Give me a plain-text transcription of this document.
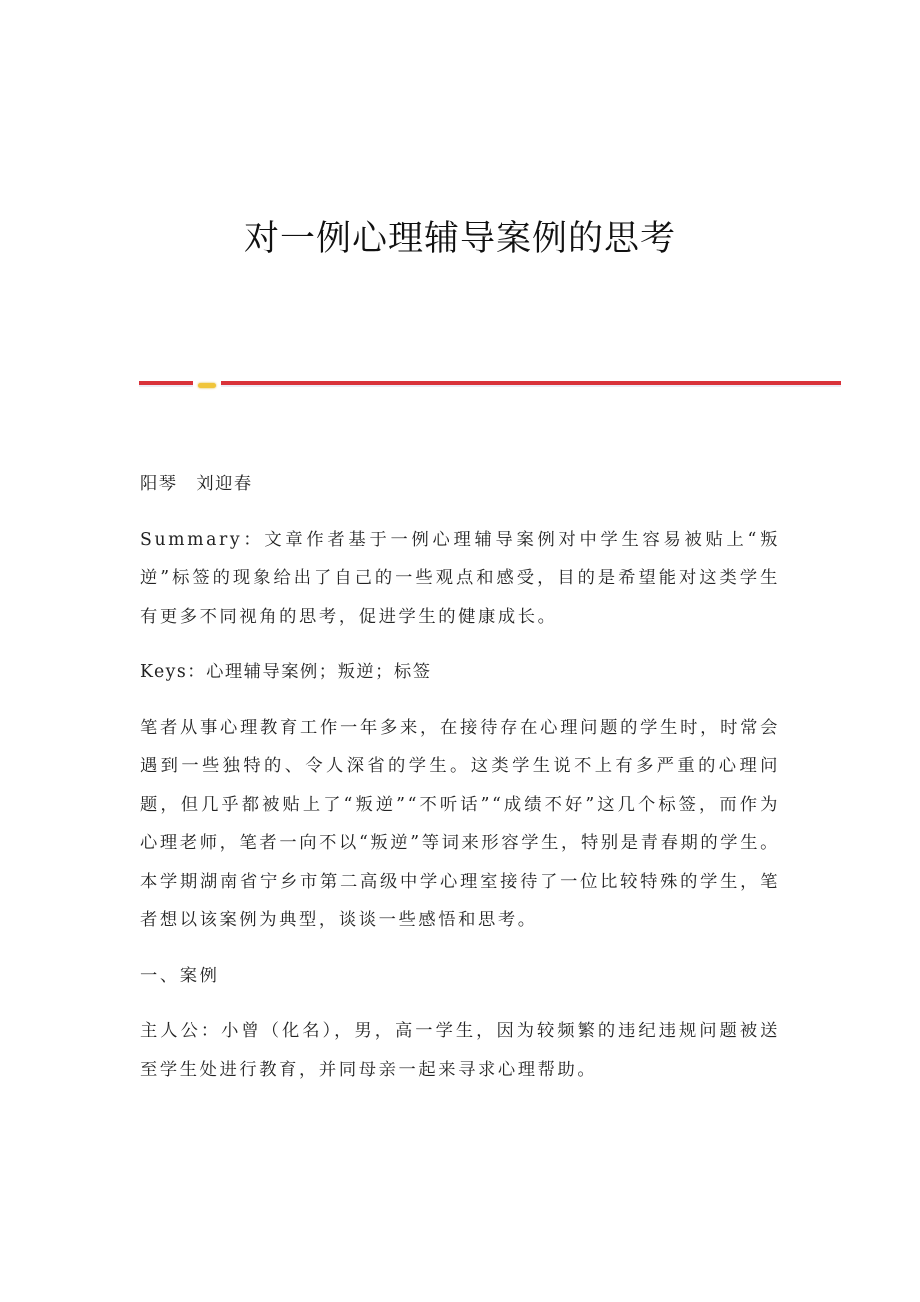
对一例心理辅导案例的思考

阳琴　刘迎春

Summary：文章作者基于一例心理辅导案例对中学生容易被贴上“叛逆”标签的现象给出了自己的一些观点和感受，目的是希望能对这类学生有更多不同视角的思考，促进学生的健康成长。

Keys：心理辅导案例；叛逆；标签

笔者从事心理教育工作一年多来，在接待存在心理问题的学生时，时常会遇到一些独特的、令人深省的学生。这类学生说不上有多严重的心理问题，但几乎都被贴上了“叛逆”“不听话”“成绩不好”这几个标签，而作为心理老师，笔者一向不以“叛逆”等词来形容学生，特别是青春期的学生。本学期湖南省宁乡市第二高级中学心理室接待了一位比较特殊的学生，笔者想以该案例为典型，谈谈一些感悟和思考。

一、案例

主人公：小曾（化名），男，高一学生，因为较频繁的违纪违规问题被送至学生处进行教育，并同母亲一起来寻求心理帮助。
